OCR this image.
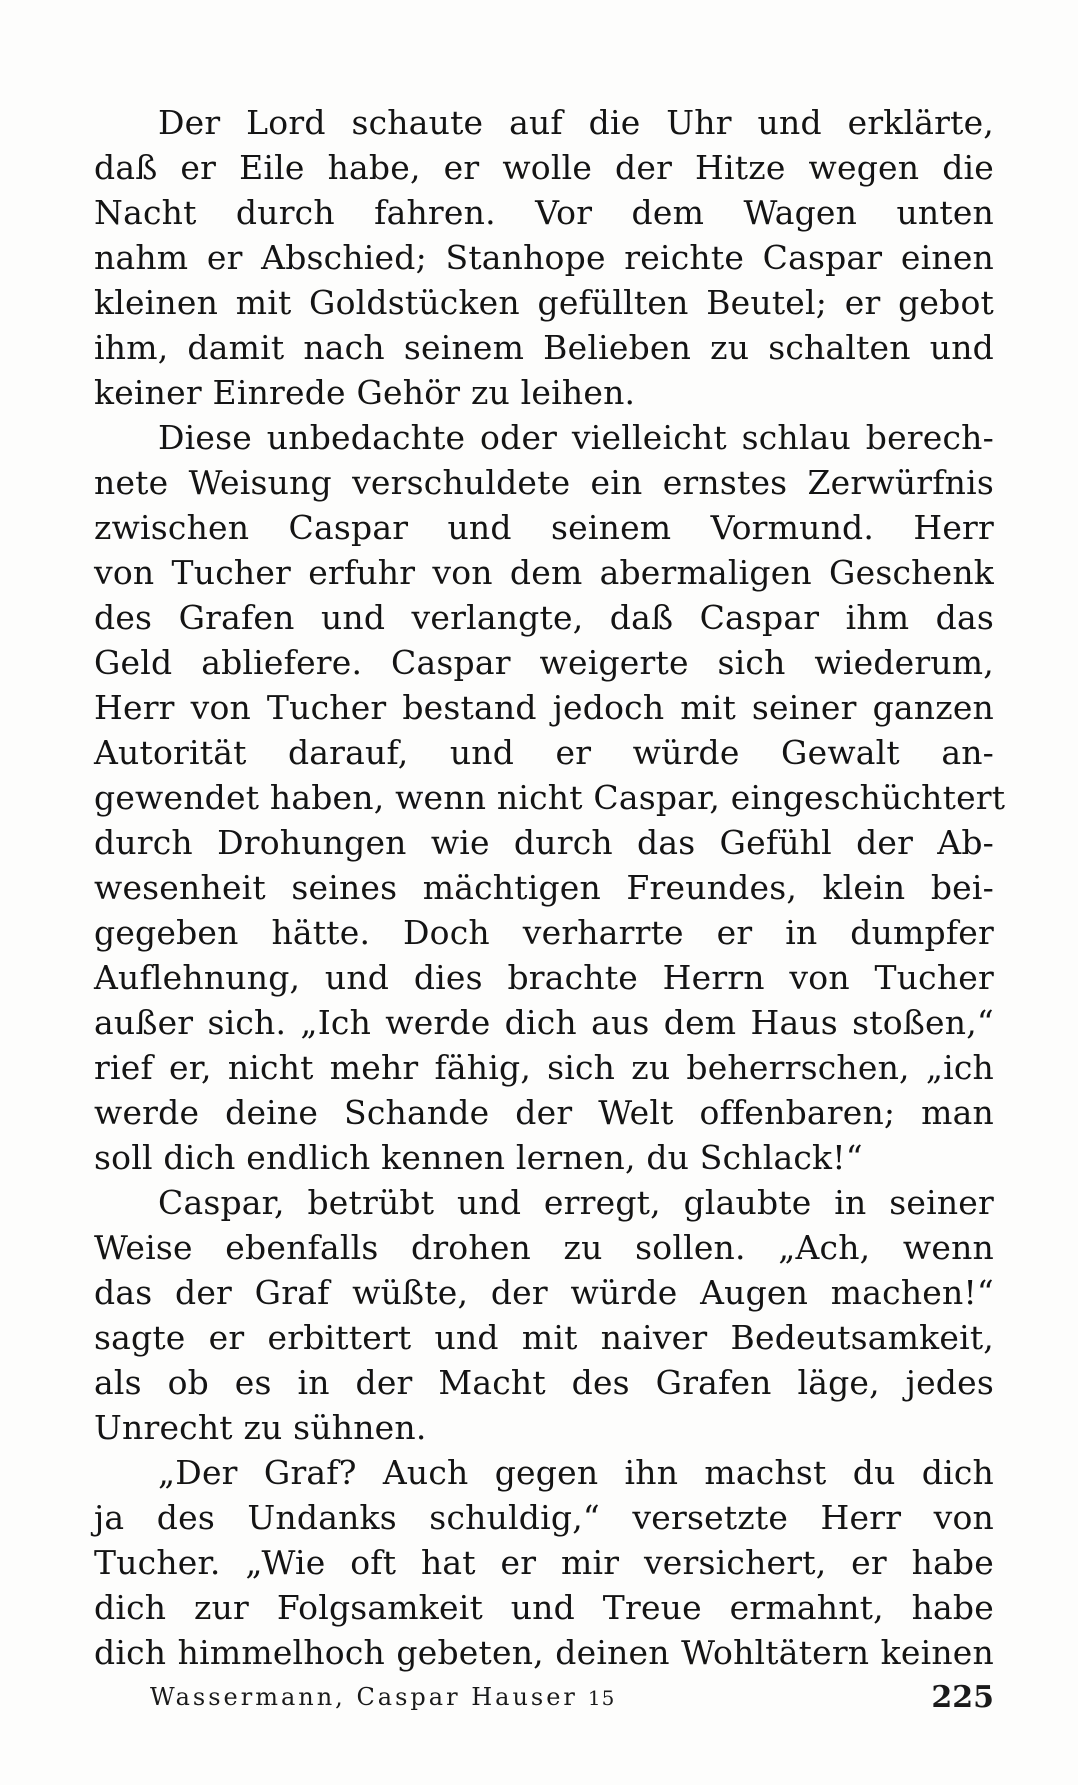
Der Lord schaute auf die Uhr und erklärte,
daß er Eile habe, er wolle der Hitze wegen die
Nacht durch fahren. Vor dem Wagen unten
nahm er Abschied; Stanhope reichte Caspar einen
kleinen mit Goldstücken gefüllten Beutel; er gebot
ihm, damit nach seinem Belieben zu schalten und
keiner Einrede Gehör zu leihen.
Diese unbedachte oder vielleicht schlau berech-
nete Weisung verschuldete ein ernstes Zerwürfnis
zwischen Caspar und seinem Vormund. Herr
von Tucher erfuhr von dem abermaligen Geschenk
des Grafen und verlangte, daß Caspar ihm das
Geld abliefere. Caspar weigerte sich wiederum,
Herr von Tucher bestand jedoch mit seiner ganzen
Autorität darauf, und er würde Gewalt an-
gewendet haben, wenn nicht Caspar, eingeschüchtert
durch Drohungen wie durch das Gefühl der Ab-
wesenheit seines mächtigen Freundes, klein bei-
gegeben hätte. Doch verharrte er in dumpfer
Auflehnung, und dies brachte Herrn von Tucher
außer sich. „Ich werde dich aus dem Haus stoßen,“
rief er, nicht mehr fähig, sich zu beherrschen, „ich
werde deine Schande der Welt offenbaren; man
soll dich endlich kennen lernen, du Schlack!“
Caspar, betrübt und erregt, glaubte in seiner
Weise ebenfalls drohen zu sollen. „Ach, wenn
das der Graf wüßte, der würde Augen machen!“
sagte er erbittert und mit naiver Bedeutsamkeit,
als ob es in der Macht des Grafen läge, jedes
Unrecht zu sühnen.
„Der Graf? Auch gegen ihn machst du dich
ja des Undanks schuldig,“ versetzte Herr von
Tucher. „Wie oft hat er mir versichert, er habe
dich zur Folgsamkeit und Treue ermahnt, habe
dich himmelhoch gebeten, deinen Wohltätern keinen
Wassermann, Caspar Hauser 15	225
